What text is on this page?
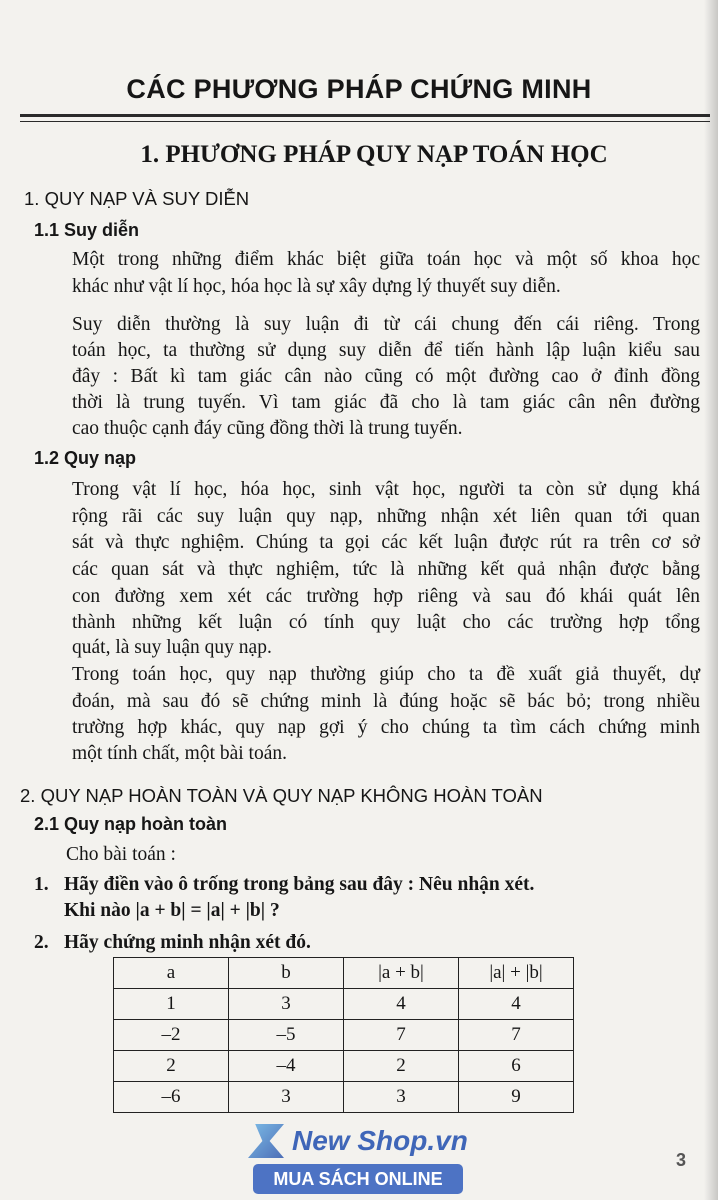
CÁC PHƯƠNG PHÁP CHỨNG MINH
1. PHƯƠNG PHÁP QUY NẠP TOÁN HỌC
1. QUY NẠP VÀ SUY DIỄN
1.1 Suy diễn
Một trong những điểm khác biệt giữa toán học và một số khoa học
khác như vật lí học, hóa học là sự xây dựng lý thuyết suy diễn.
Suy diễn thường là suy luận đi từ cái chung đến cái riêng. Trong
toán học, ta thường sử dụng suy diễn để tiến hành lập luận kiểu sau
đây : Bất kì tam giác cân nào cũng có một đường cao ở đỉnh đồng
thời là trung tuyến. Vì tam giác đã cho là tam giác cân nên đường
cao thuộc cạnh đáy cũng đồng thời là trung tuyến.
1.2 Quy nạp
Trong vật lí học, hóa học, sinh vật học, người ta còn sử dụng khá
rộng rãi các suy luận quy nạp, những nhận xét liên quan tới quan
sát và thực nghiệm. Chúng ta gọi các kết luận được rút ra trên cơ sở
các quan sát và thực nghiệm, tức là những kết quả nhận được bằng
con đường xem xét các trường hợp riêng và sau đó khái quát lên
thành những kết luận có tính quy luật cho các trường hợp tổng
quát, là suy luận quy nạp.
Trong toán học, quy nạp thường giúp cho ta đề xuất giả thuyết, dự
đoán, mà sau đó sẽ chứng minh là đúng hoặc sẽ bác bỏ; trong nhiều
trường hợp khác, quy nạp gợi ý cho chúng ta tìm cách chứng minh
một tính chất, một bài toán.
2. QUY NẠP HOÀN TOÀN VÀ QUY NẠP KHÔNG HOÀN TOÀN
2.1 Quy nạp hoàn toàn
Cho bài toán :
1. Hãy điền vào ô trống trong bảng sau đây : Nêu nhận xét.
Khi nào |a + b| = |a| + |b| ?
2. Hãy chứng minh nhận xét đó.
a	b	|a + b|	|a| + |b|
1	3	4	4
–2	–5	7	7
2	–4	2	6
–6	3	3	9
New Shop.vn
MUA SÁCH ONLINE
3
